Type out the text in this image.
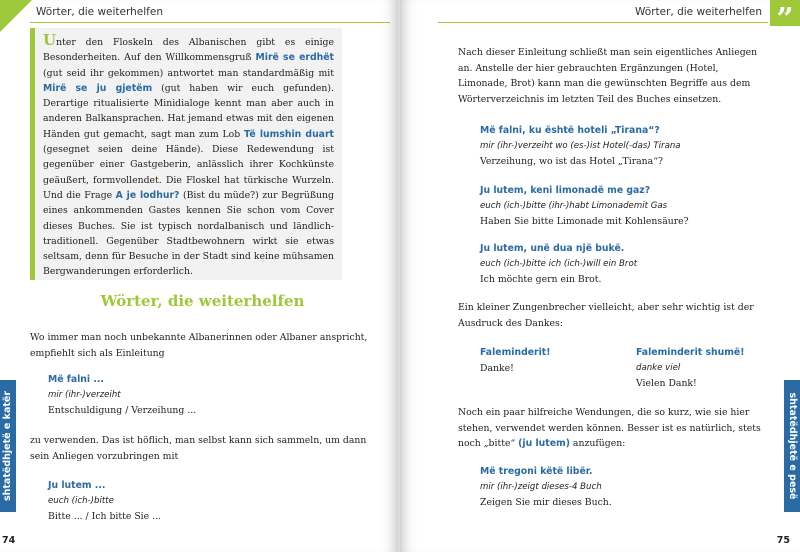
Wörter, die weiterhelfen

Unter den Floskeln des Albanischen gibt es einige Besonderheiten. Auf den Willkommensgruß Mirë se erdhët (gut seid ihr gekommen) antwortet man standardmäßig mit Mirë se ju gjetëm (gut haben wir euch gefunden). Derartige ritualisierte Minidialoge kennt man aber auch in anderen Balkansprachen. Hat jemand etwas mit den eigenen Händen gut gemacht, sagt man zum Lob Të lumshin duart (gesegnet seien deine Hände). Diese Redewendung ist gegenüber einer Gastgeberin, anlässlich ihrer Kochkünste geäußert, formvollendet. Die Floskel hat türkische Wurzeln. Und die Frage A je lodhur? (Bist du müde?) zur Begrüßung eines ankommenden Gastes kennen Sie schon vom Cover dieses Buches. Sie ist typisch nordalbanisch und ländlich-traditionell. Gegenüber Stadtbewohnern wirkt sie etwas seltsam, denn für Besuche in der Stadt sind keine mühsamen Bergwanderungen erforderlich.

Wörter, die weiterhelfen

Wo immer man noch unbekannte Albanerinnen oder Albaner anspricht, empfiehlt sich als Einleitung

Më falni ...
mir (ihr-)verzeiht
Entschuldigung / Verzeihung ...

zu verwenden. Das ist höflich, man selbst kann sich sammeln, um dann sein Anliegen vorzubringen mit

Ju lutem ...
euch (ich-)bitte
Bitte ... / Ich bitte Sie ...
shtatëdhjetë e katër
74
Wörter, die weiterhelfen ”

Nach dieser Einleitung schließt man sein eigentliches Anliegen an. Anstelle der hier gebrauchten Ergänzungen (Hotel, Limonade, Brot) kann man die gewünschten Begriffe aus dem Wörterverzeichnis im letzten Teil des Buches einsetzen.

Më falni, ku është hoteli „Tirana“?
mir (ihr-)verzeiht wo (es-)ist Hotel(-das) Tirana
Verzeihung, wo ist das Hotel „Tirana“?
Ju lutem, keni limonadë me gaz?
euch (ich-)bitte (ihr-)habt Limonademit Gas
Haben Sie bitte Limonade mit Kohlensäure?
Ju lutem, unë dua një bukë.
euch (ich-)bitte ich (ich-)will ein Brot
Ich möchte gern ein Brot.

Ein kleiner Zungenbrecher vielleicht, aber sehr wichtig ist der Ausdruck des Dankes:

Faleminderit!
Danke!
Faleminderit shumë!
danke viel
Vielen Dank!

Noch ein paar hilfreiche Wendungen, die so kurz, wie sie hier stehen, verwendet werden können. Besser ist es natürlich, stets noch „bitte“ (ju lutem) anzufügen:

Më tregoni këtë libër.
mir (ihr-)zeigt dieses-4 Buch
Zeigen Sie mir dieses Buch.
shtatëdhjetë e pesë
75
